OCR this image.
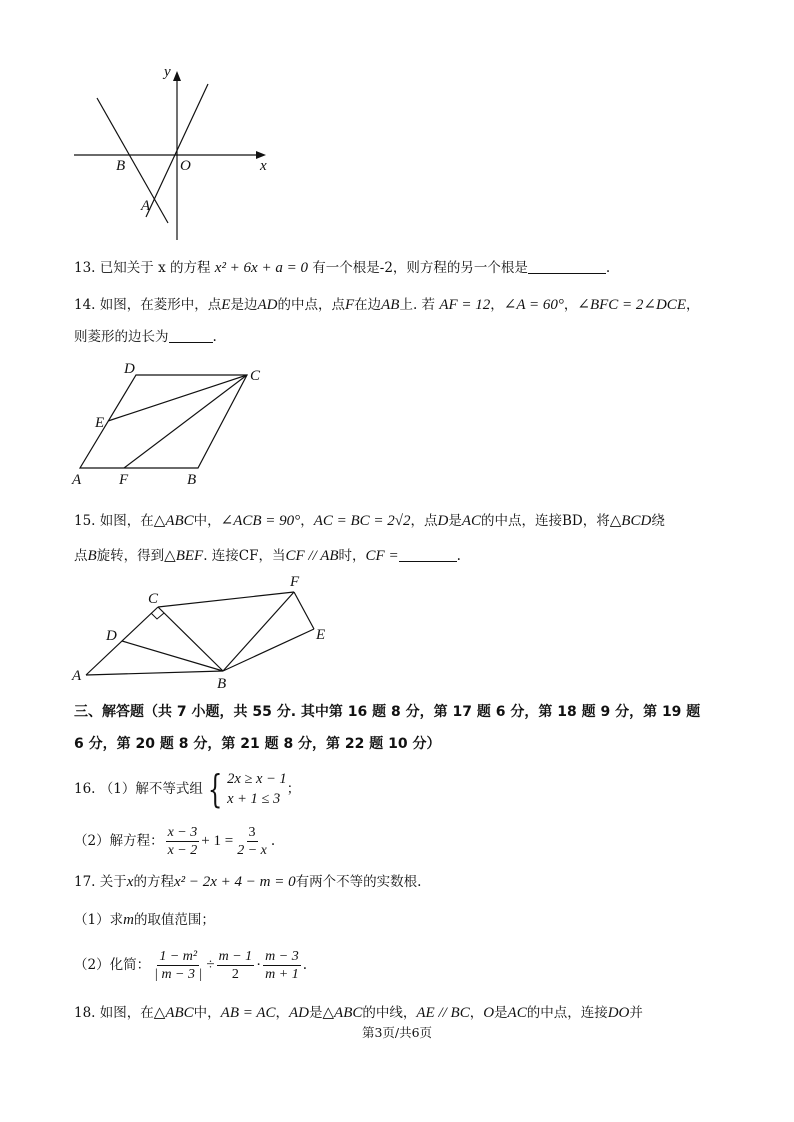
y
x
B	O
A
13. 已知关于 x 的方程 x² + 6x + a = 0 有一个根是-2，则方程的另一个根是	.
14. 如图，在菱形中，点E是边AD的中点，点F在边AB上. 若 AF = 12，∠A = 60°，∠BFC = 2∠DCE，
则菱形的边长为	.
D	C
E
A	F	B
15. 如图，在△ABC中，∠ACB = 90°，AC = BC = 2√2，点D是AC的中点，连接BD，将△BCD绕
点B旋转，得到△BEF. 连接CF，当CF // AB时，CF =	.
C
F
D	E
A	B
三、解答题（共 7 小题，共 55 分. 其中第 16 题 8 分，第 17 题 6 分，第 18 题 9 分，第 19 题
6 分，第 20 题 8 分，第 21 题 8 分，第 22 题 10 分）
16.
（1）解不等式组 { 2x ≥ x − 1
x + 1 ≤ 3
；
（2）解方程： $\frac{x - 3}{x - 2} + 1 = \frac{3}{2 - x}$ .
17. 关于x的方程x² − 2x + 4 − m = 0有两个不等的实数根.
（1）求m的取值范围；
（2）化简： $\frac{\text{1 − m²}}{| m - 3 |} \div \frac{m - 1}{2} \cdot \frac{m - 3}{m + 1}$ .
18. 如图，在△ABC中，AB = AC，AD是△ABC的中线，AE // BC，O是AC的中点，连接DO并
第3页/共6页
